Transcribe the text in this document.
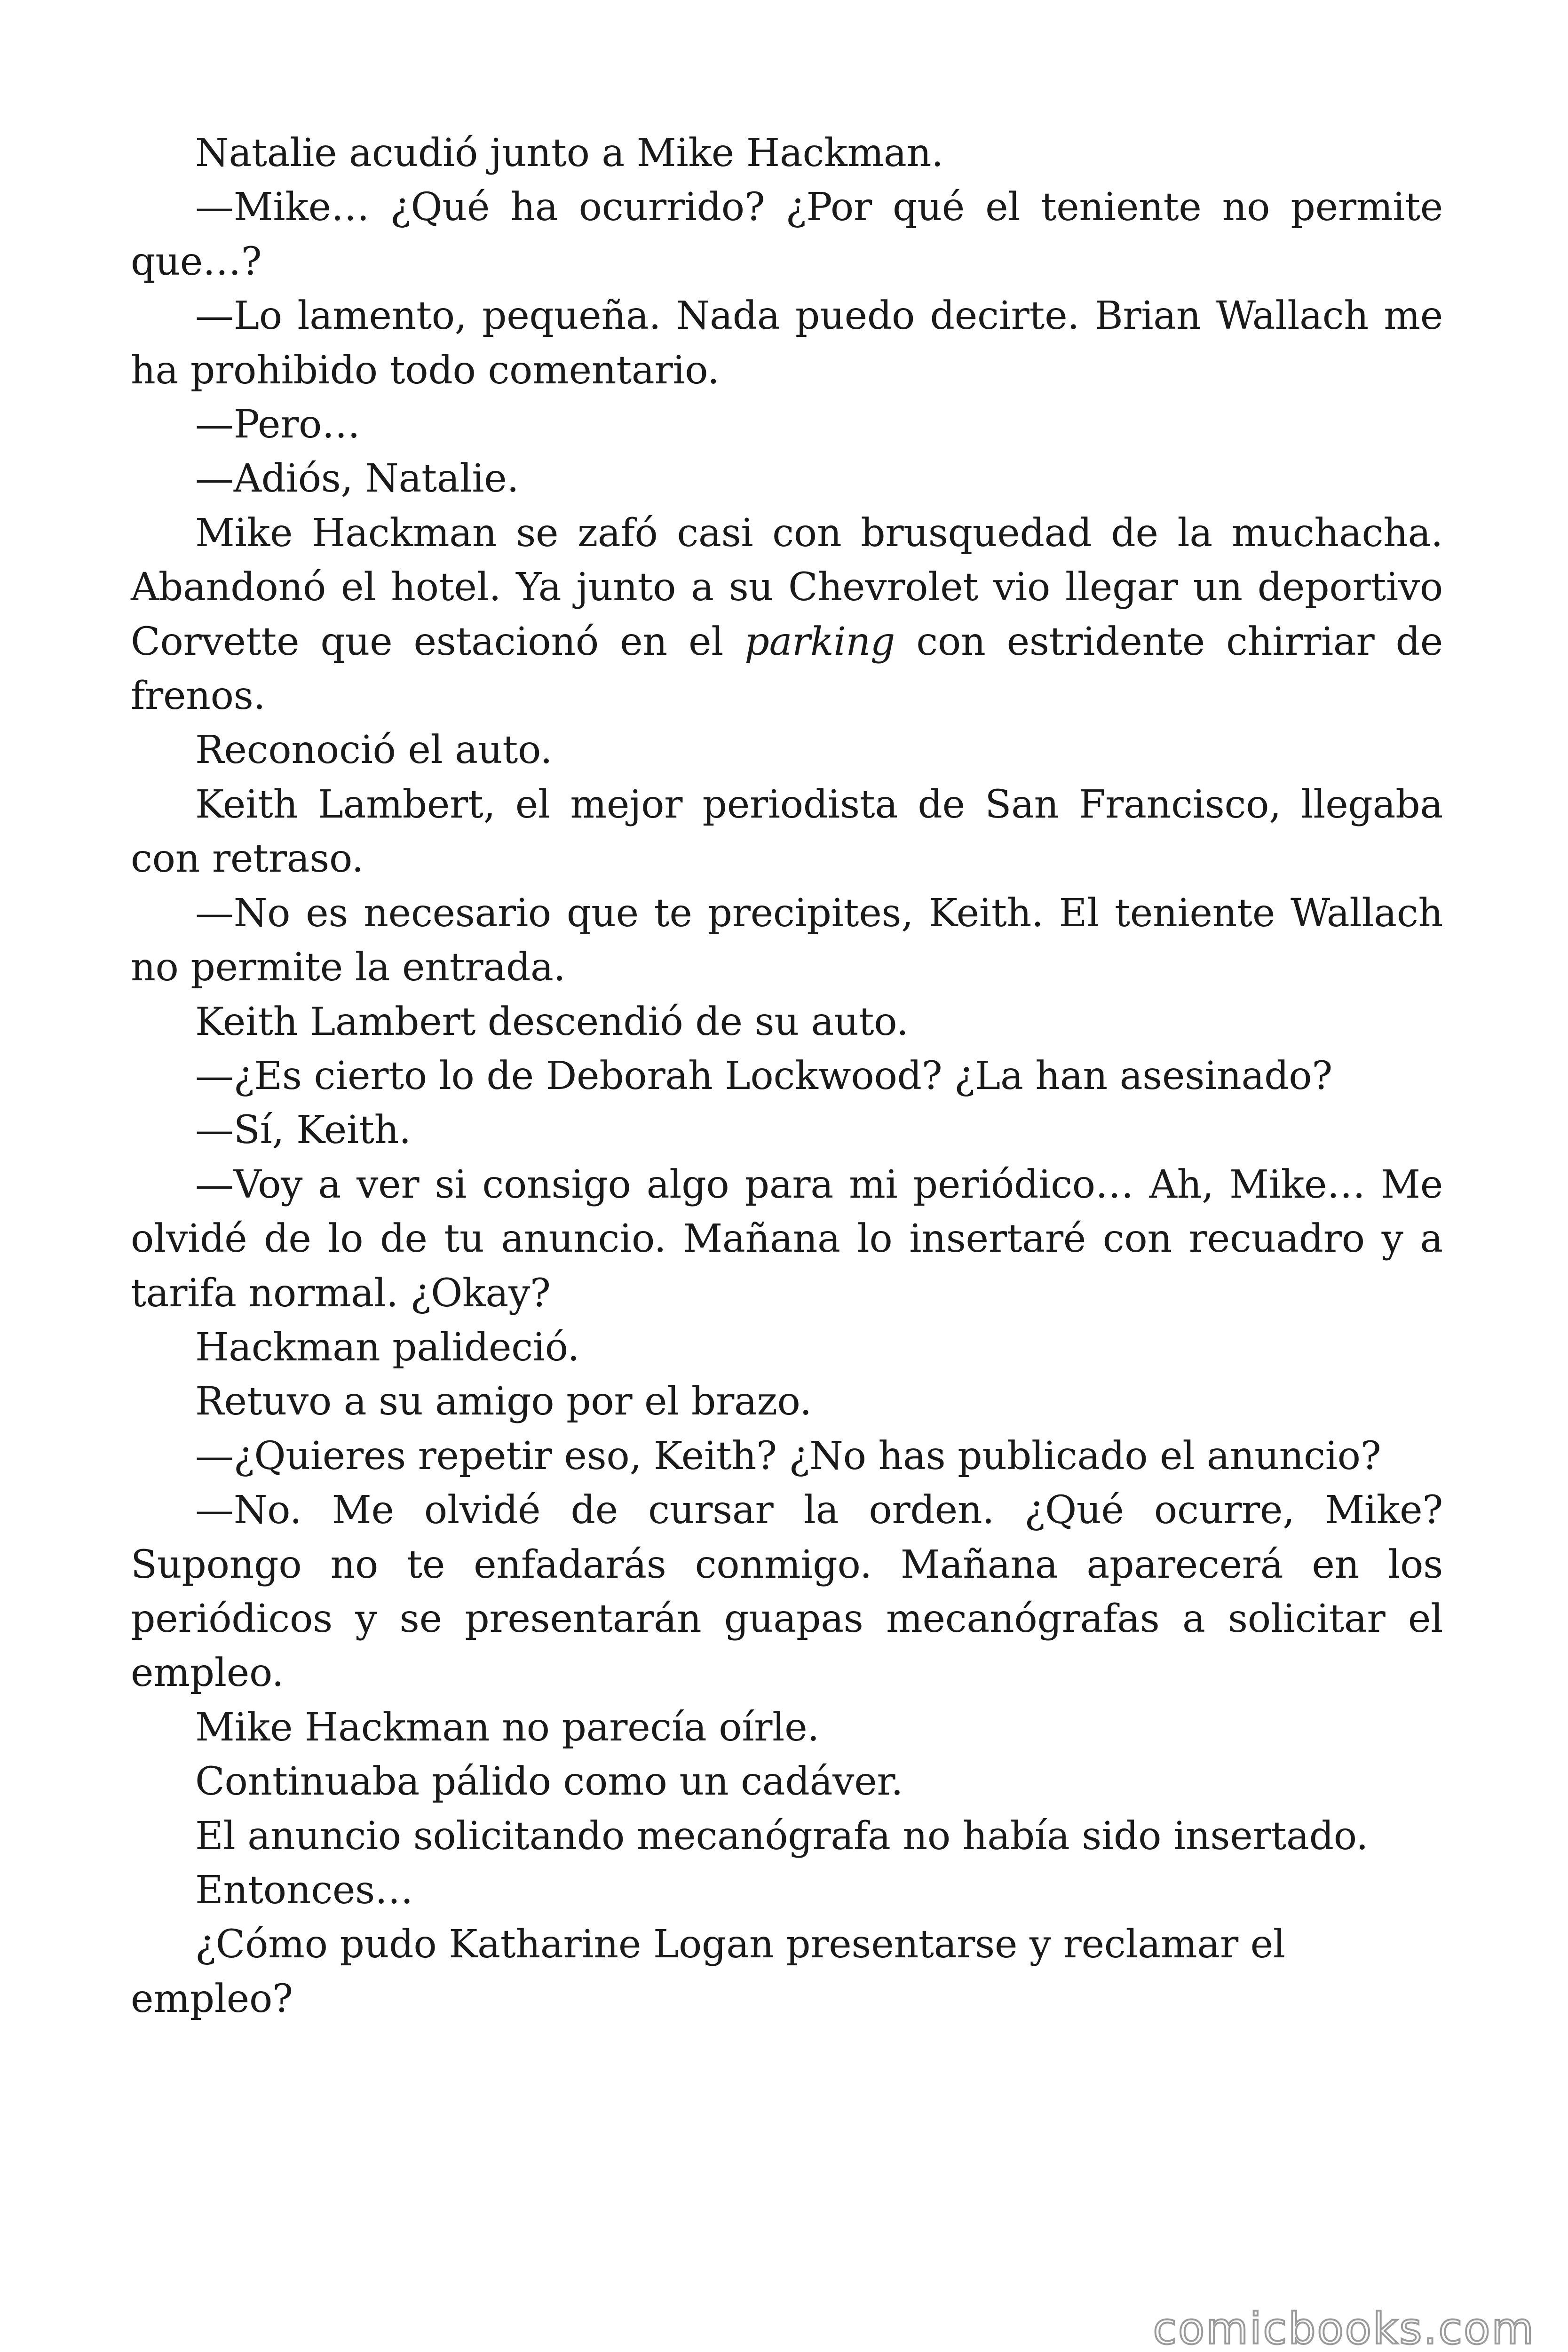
Natalie acudió junto a Mike Hackman.

—Mike… ¿Qué ha ocurrido? ¿Por qué el teniente no permite que…?

—Lo lamento, pequeña. Nada puedo decirte. Brian Wallach me ha prohibido todo comentario.

—Pero…

—Adiós, Natalie.

Mike Hackman se zafó casi con brusquedad de la muchacha. Abandonó el hotel. Ya junto a su Chevrolet vio llegar un deportivo Corvette que estacionó en el parking con estridente chirriar de frenos.

Reconoció el auto.

Keith Lambert, el mejor periodista de San Francisco, llegaba con retraso.

—No es necesario que te precipites, Keith. El teniente Wallach no permite la entrada.

Keith Lambert descendió de su auto.

—¿Es cierto lo de Deborah Lockwood? ¿La han asesinado?

—Sí, Keith.

—Voy a ver si consigo algo para mi periódico… Ah, Mike… Me olvidé de lo de tu anuncio. Mañana lo insertaré con recuadro y a tarifa normal. ¿Okay?

Hackman palideció.

Retuvo a su amigo por el brazo.

—¿Quieres repetir eso, Keith? ¿No has publicado el anuncio?

—No. Me olvidé de cursar la orden. ¿Qué ocurre, Mike? Supongo no te enfadarás conmigo. Mañana aparecerá en los periódicos y se presentarán guapas mecanógrafas a solicitar el empleo.

Mike Hackman no parecía oírle.

Continuaba pálido como un cadáver.

El anuncio solicitando mecanógrafa no había sido insertado.

Entonces…

¿Cómo pudo Katharine Logan presentarse y reclamar el empleo?

comicbooks.com
